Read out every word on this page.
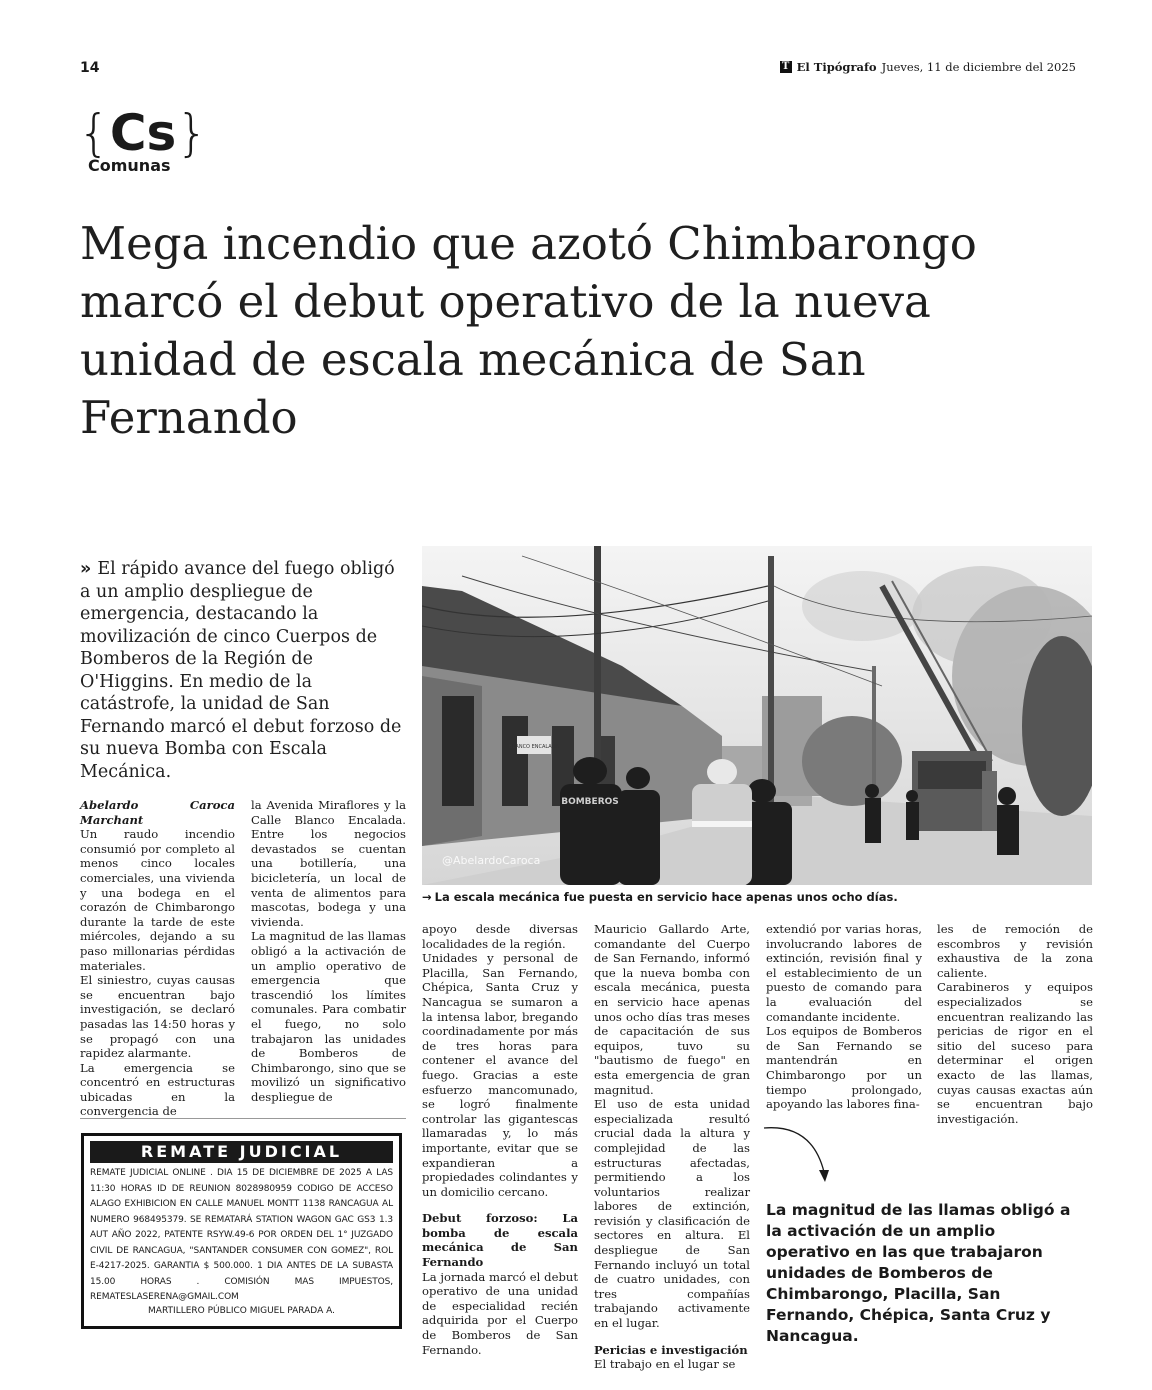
14	T El Tipógrafo Jueves, 11 de diciembre del 2025
{Cs}
Comunas
Mega incendio que azotó Chimbarongo marcó el debut operativo de la nueva unidad de escala mecánica de San Fernando
» El rápido avance del fuego obligó a un amplio despliegue de emergencia, destacando la movilización de cinco Cuerpos de Bomberos de la Región de O'Higgins. En medio de la catástrofe, la unidad de San Fernando marcó el debut forzoso de su nueva Bomba con Escala Mecánica.
BLANCO ENCALADA
BOMBEROS
@AbelardoCaroca
→ La escala mecánica fue puesta en servicio hace apenas unos ocho días.

Abelardo Caroca Marchant

Un raudo incendio consumió por completo al menos cinco locales comerciales, una vivienda y una bodega en el corazón de Chimbarongo durante la tarde de este miércoles, dejando a su paso millonarias pérdidas materiales.

El siniestro, cuyas causas se encuentran bajo investigación, se declaró pasadas las 14:50 horas y se propagó con una rapidez alarmante.

La emergencia se concentró en estructuras ubicadas en la convergencia de

la Avenida Miraflores y la Calle Blanco Encalada. Entre los negocios devastados se cuentan una botillería, una bicicletería, un local de venta de alimentos para mascotas, bodega y una vivienda.

La magnitud de las llamas obligó a la activación de un amplio operativo de emergencia que trascendió los límites comunales. Para combatir el fuego, no solo trabajaron las unidades de Bomberos de Chimbarongo, sino que se movilizó un significativo despliegue de

apoyo desde diversas localidades de la región.

Unidades y personal de Placilla, San Fernando, Chépica, Santa Cruz y Nancagua se sumaron a la intensa labor, bregando coordinadamente por más de tres horas para contener el avance del fuego. Gracias a este esfuerzo mancomunado, se logró finalmente controlar las gigantescas llamaradas y, lo más importante, evitar que se expandieran a propiedades colindantes y un domicilio cercano.

Debut forzoso: La bomba de escala mecánica de San Fernando

La jornada marcó el debut operativo de una unidad de especialidad recién adquirida por el Cuerpo de Bomberos de San Fernando.

Mauricio Gallardo Arte, comandante del Cuerpo de San Fernando, informó que la nueva bomba con escala mecánica, puesta en servicio hace apenas unos ocho días tras meses de capacitación de sus equipos, tuvo su "bautismo de fuego" en esta emergencia de gran magnitud.

El uso de esta unidad especializada resultó crucial dada la altura y complejidad de las estructuras afectadas, permitiendo a los voluntarios realizar labores de extinción, revisión y clasificación de sectores en altura. El despliegue de San Fernando incluyó un total de cuatro unidades, con tres compañías trabajando activamente en el lugar.

Pericias e investigación

El trabajo en el lugar se

extendió por varias horas, involucrando labores de extinción, revisión final y el establecimiento de un puesto de comando para la evaluación del comandante incidente.

Los equipos de Bomberos de San Fernando se mantendrán en Chimbarongo por un tiempo prolongado, apoyando las labores fina-

les de remoción de escombros y revisión exhaustiva de la zona caliente.

Carabineros y equipos especializados se encuentran realizando las pericias de rigor en el sitio del suceso para determinar el origen exacto de las llamas, cuyas causas exactas aún se encuentran bajo investigación.

REMATE JUDICIAL
REMATE JUDICIAL ONLINE . DIA 15 DE DICIEMBRE DE 2025 A LAS 11:30 HORAS ID DE REUNION 8028980959 CODIGO DE ACCESO ALAGO EXHIBICION EN CALLE MANUEL MONTT 1138 RANCAGUA AL NUMERO 968495379. SE REMATARÁ STATION WAGON GAC GS3 1.3 AUT AÑO 2022, PATENTE RSYW.49-6 POR ORDEN DEL 1° JUZGADO CIVIL DE RANCAGUA, "SANTANDER CONSUMER CON GOMEZ", ROL E-4217-2025. GARANTIA $ 500.000. 1 DIA ANTES DE LA SUBASTA 15.00 HORAS . COMISIÓN MAS IMPUESTOS, REMATESLASERENA@GMAIL.COM
MARTILLERO PÚBLICO MIGUEL PARADA A.
La magnitud de las llamas obligó a la activación de un amplio operativo en las que trabajaron unidades de Bomberos de Chimbarongo, Placilla, San Fernando, Chépica, Santa Cruz y Nancagua.
